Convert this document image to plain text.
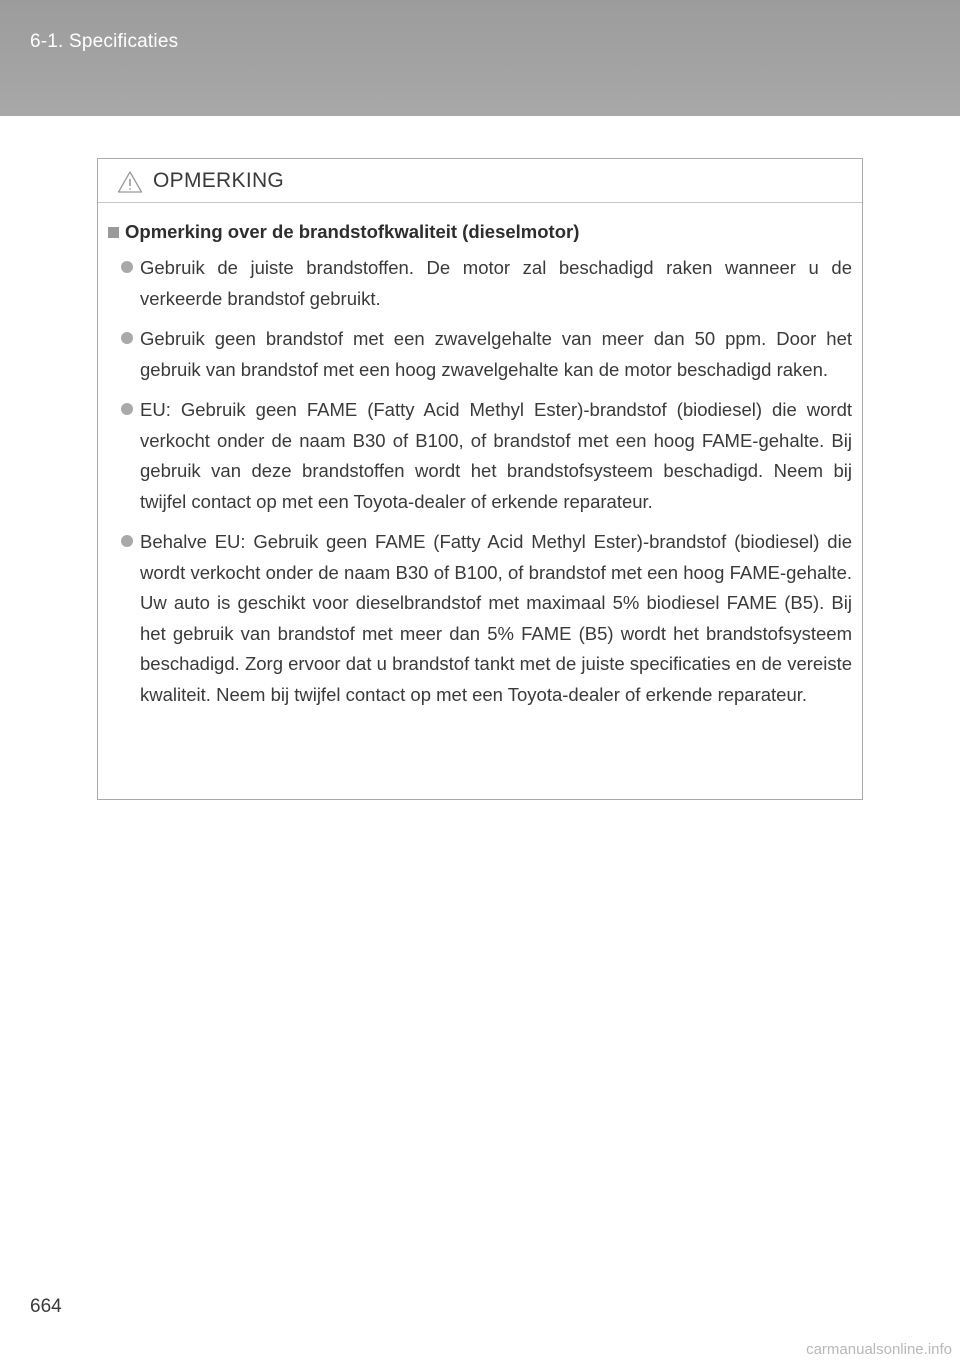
6-1. Specificaties
OPMERKING
Opmerking over de brandstofkwaliteit (dieselmotor)
Gebruik de juiste brandstoffen. De motor zal beschadigd raken wanneer u de verkeerde brandstof gebruikt.
Gebruik geen brandstof met een zwavelgehalte van meer dan 50 ppm. Door het gebruik van brandstof met een hoog zwavelgehalte kan de motor beschadigd raken.
EU: Gebruik geen FAME (Fatty Acid Methyl Ester)-brandstof (biodiesel) die wordt verkocht onder de naam B30 of B100, of brandstof met een hoog FAME-gehalte. Bij gebruik van deze brandstoffen wordt het brandstofsysteem beschadigd. Neem bij twijfel contact op met een Toyota-dealer of erkende reparateur.
Behalve EU: Gebruik geen FAME (Fatty Acid Methyl Ester)-brandstof (biodiesel) die wordt verkocht onder de naam B30 of B100, of brandstof met een hoog FAME-gehalte. Uw auto is geschikt voor dieselbrandstof met maximaal 5% biodiesel FAME (B5). Bij het gebruik van brandstof met meer dan 5% FAME (B5) wordt het brandstofsysteem beschadigd. Zorg ervoor dat u brandstof tankt met de juiste specificaties en de vereiste kwaliteit. Neem bij twijfel contact op met een Toyota-dealer of erkende reparateur.
664
carmanualsonline.info
